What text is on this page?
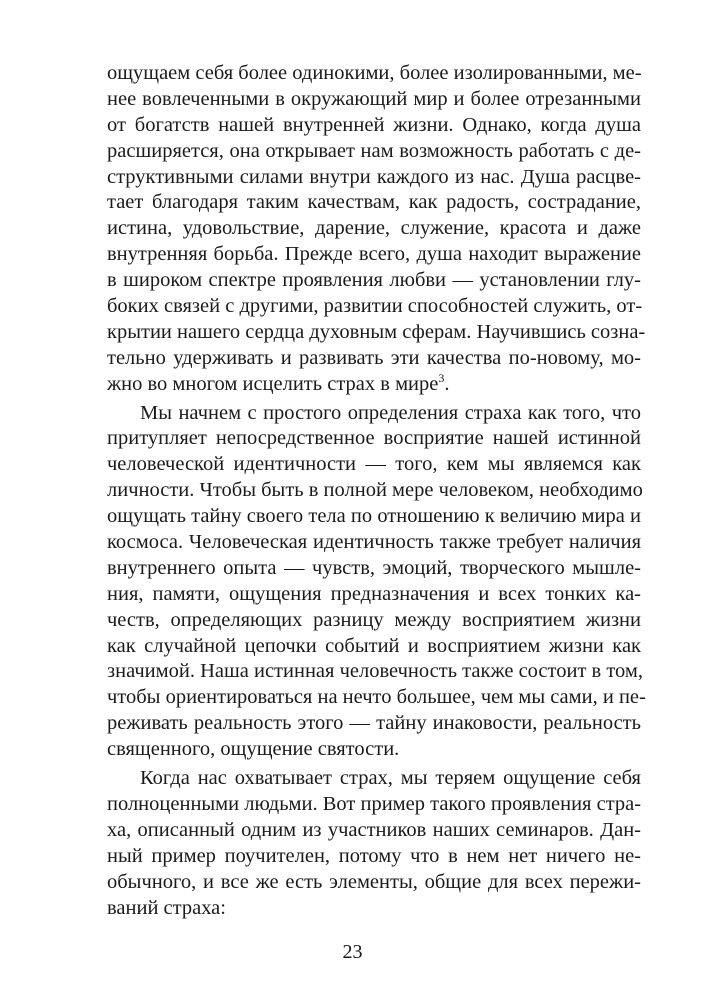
ощущаем себя более одинокими, более изолированными, ме-
нее вовлеченными в окружающий мир и более отрезанными
от богатств нашей внутренней жизни. Однако, когда душа
расширяется, она открывает нам возможность работать с де-
структивными силами внутри каждого из нас. Душа расцве-
тает благодаря таким качествам, как радость, сострадание,
истина, удовольствие, дарение, служение, красота и даже
внутренняя борьба. Прежде всего, душа находит выражение
в широком спектре проявления любви — установлении глу-
боких связей с другими, развитии способностей служить, от-
крытии нашего сердца духовным сферам. Научившись созна-
тельно удерживать и развивать эти качества по-новому, мо-
жно во многом исцелить страх в мире$^3$.
Мы начнем с простого определения страха как того, что
притупляет непосредственное восприятие нашей истинной
человеческой идентичности — того, кем мы являемся как
личности. Чтобы быть в полной мере человеком, необходимо
ощущать тайну своего тела по отношению к величию мира и
космоса. Человеческая идентичность также требует наличия
внутреннего опыта — чувств, эмоций, творческого мышле-
ния, памяти, ощущения предназначения и всех тонких ка-
честв, определяющих разницу между восприятием жизни
как случайной цепочки событий и восприятием жизни как
значимой. Наша истинная человечность также состоит в том,
чтобы ориентироваться на нечто большее, чем мы сами, и пе-
реживать реальность этого — тайну инаковости, реальность
священного, ощущение святости.
Когда нас охватывает страх, мы теряем ощущение себя
полноценными людьми. Вот пример такого проявления стра-
ха, описанный одним из участников наших семинаров. Дан-
ный пример поучителен, потому что в нем нет ничего не-
обычного, и все же есть элементы, общие для всех пережи-
ваний страха:
23
